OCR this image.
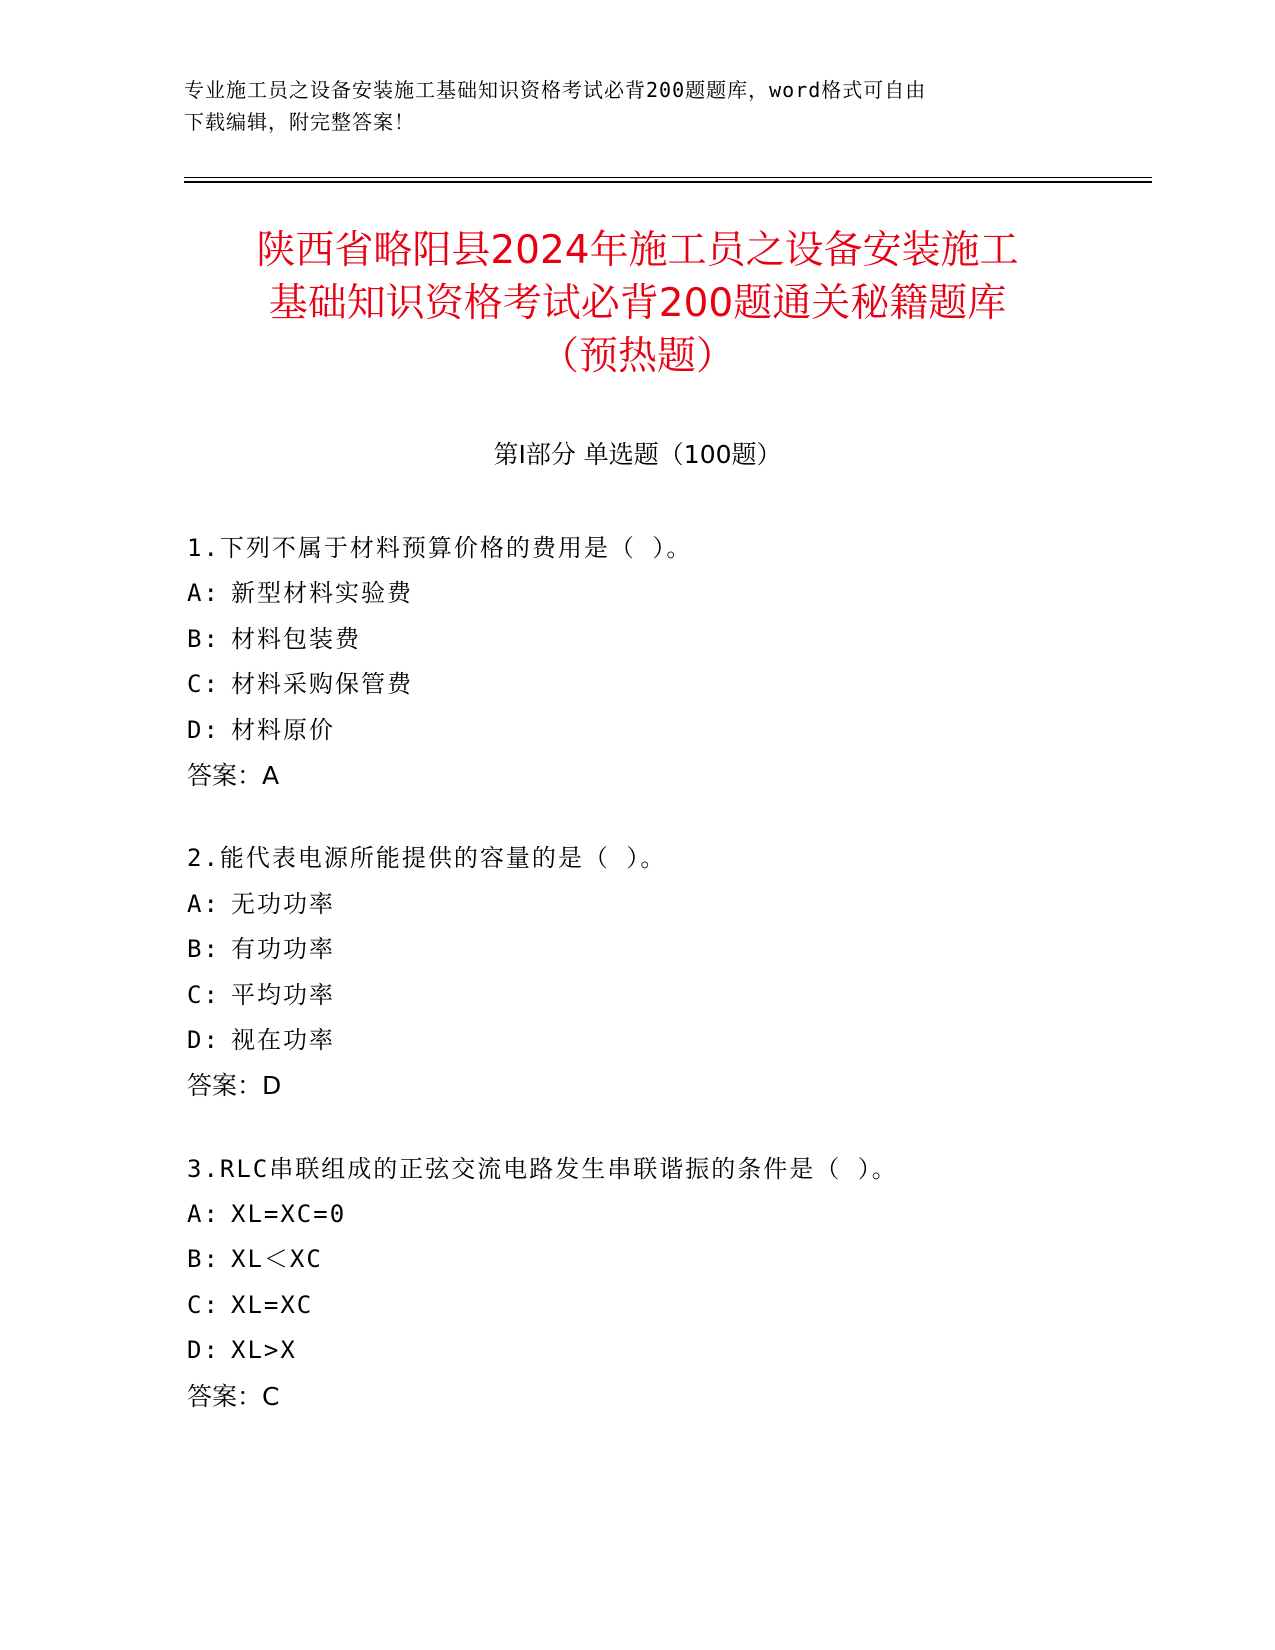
专业施工员之设备安装施工基础知识资格考试必背200题题库，word格式可自由
下载编辑，附完整答案！
陕西省略阳县2024年施工员之设备安装施工
基础知识资格考试必背200题通关秘籍题库
（预热题）
第Ⅰ部分 单选题（100题）
1.下列不属于材料预算价格的费用是（ ）。
A: 新型材料实验费
B: 材料包装费
C: 材料采购保管费
D: 材料原价
答案：A
2.能代表电源所能提供的容量的是（ ）。
A: 无功功率
B: 有功功率
C: 平均功率
D: 视在功率
答案：D
3.RLC串联组成的正弦交流电路发生串联谐振的条件是（ ）。
A: XL=XC=0
B: XL＜XC
C: XL=XC
D: XL>X
答案：C
